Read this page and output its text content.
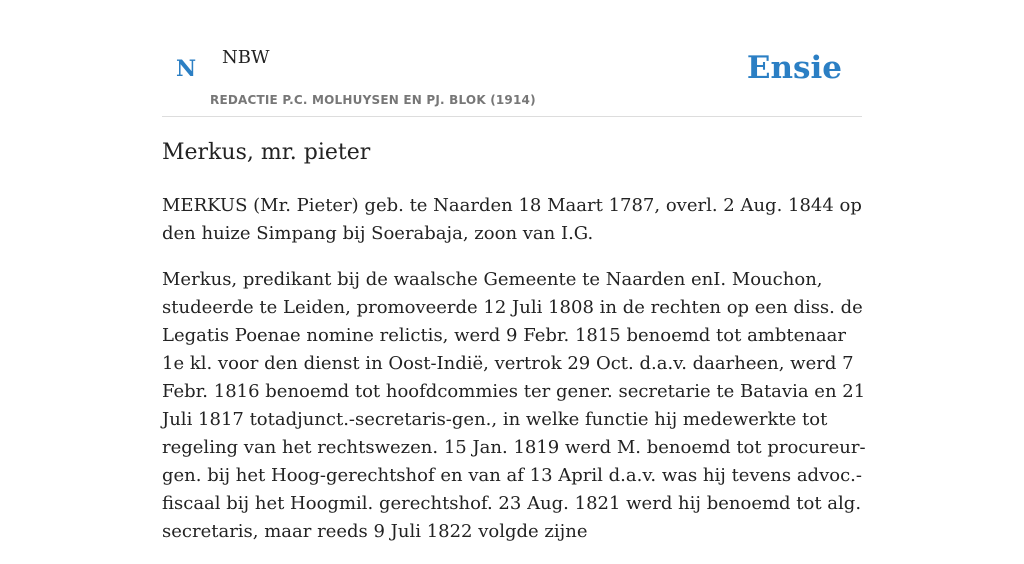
N NBW
REDACTIE P.C. MOLHUYSEN EN PJ. BLOK (1914)
Ensie
Merkus, mr. pieter

MERKUS (Mr. Pieter) geb. te Naarden 18 Maart 1787, overl. 2 Aug. 1844 op den huize Simpang bij Soerabaja, zoon van I.G.

Merkus, predikant bij de waalsche Gemeente te Naarden enI. Mouchon, studeerde te Leiden, promoveerde 12 Juli 1808 in de rechten op een diss. de Legatis Poenae nomine relictis, werd 9 Febr. 1815 benoemd tot ambtenaar 1e kl. voor den dienst in Oost-Indië, vertrok 29 Oct. d.a.v. daarheen, werd 7 Febr. 1816 benoemd tot hoofdcommies ter gener. secretarie te Batavia en 21 Juli 1817 totadjunct.-secretaris-gen., in welke functie hij medewerkte tot regeling van het rechtswezen. 15 Jan. 1819 werd M. benoemd tot procureur-gen. bij het Hoog-gerechtshof en van af 13 April d.a.v. was hij tevens advoc.-fiscaal bij het Hoogmil. gerechtshof. 23 Aug. 1821 werd hij benoemd tot alg. secretaris, maar reeds 9 Juli 1822 volgde zijne
